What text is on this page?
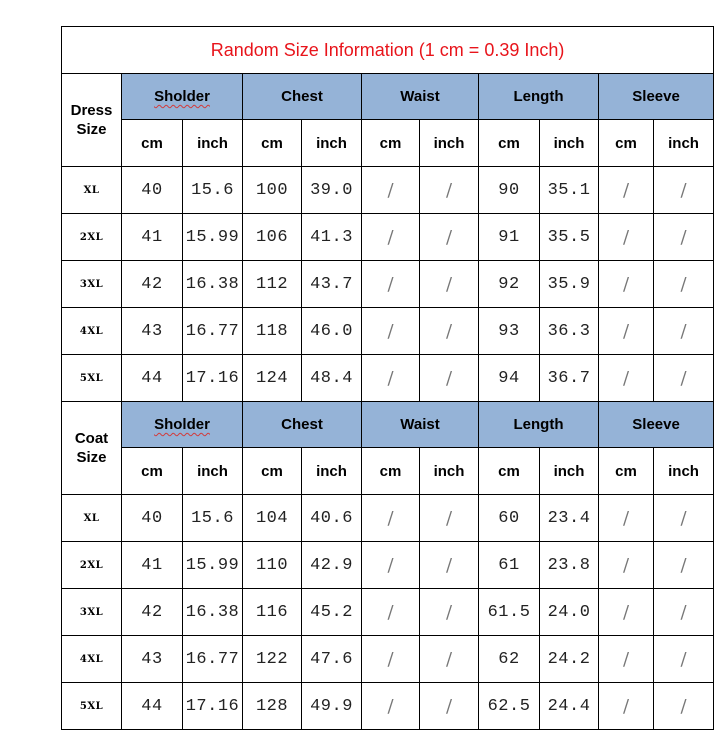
Random Size Information (1 cm = 0.39 Inch)										

Dress
Size	Sholder		Chest		Waist		Length		Sleeve	
	cm	inch	cm	inch	cm	inch	cm	inch	cm	inch
XL	40	15.6	100	39.0	/	/	90	35.1	/	/
2XL	41	15.99	106	41.3	/	/	91	35.5	/	/
3XL	42	16.38	112	43.7	/	/	92	35.9	/	/
4XL	43	16.77	118	46.0	/	/	93	36.3	/	/
5XL	44	17.16	124	48.4	/	/	94	36.7	/	/

Coat
Size	Sholder		Chest		Waist		Length		Sleeve	
	cm	inch	cm	inch	cm	inch	cm	inch	cm	inch
XL	40	15.6	104	40.6	/	/	60	23.4	/	/
2XL	41	15.99	110	42.9	/	/	61	23.8	/	/
3XL	42	16.38	116	45.2	/	/	61.5	24.0	/	/
4XL	43	16.77	122	47.6	/	/	62	24.2	/	/
5XL	44	17.16	128	49.9	/	/	62.5	24.4	/	/
